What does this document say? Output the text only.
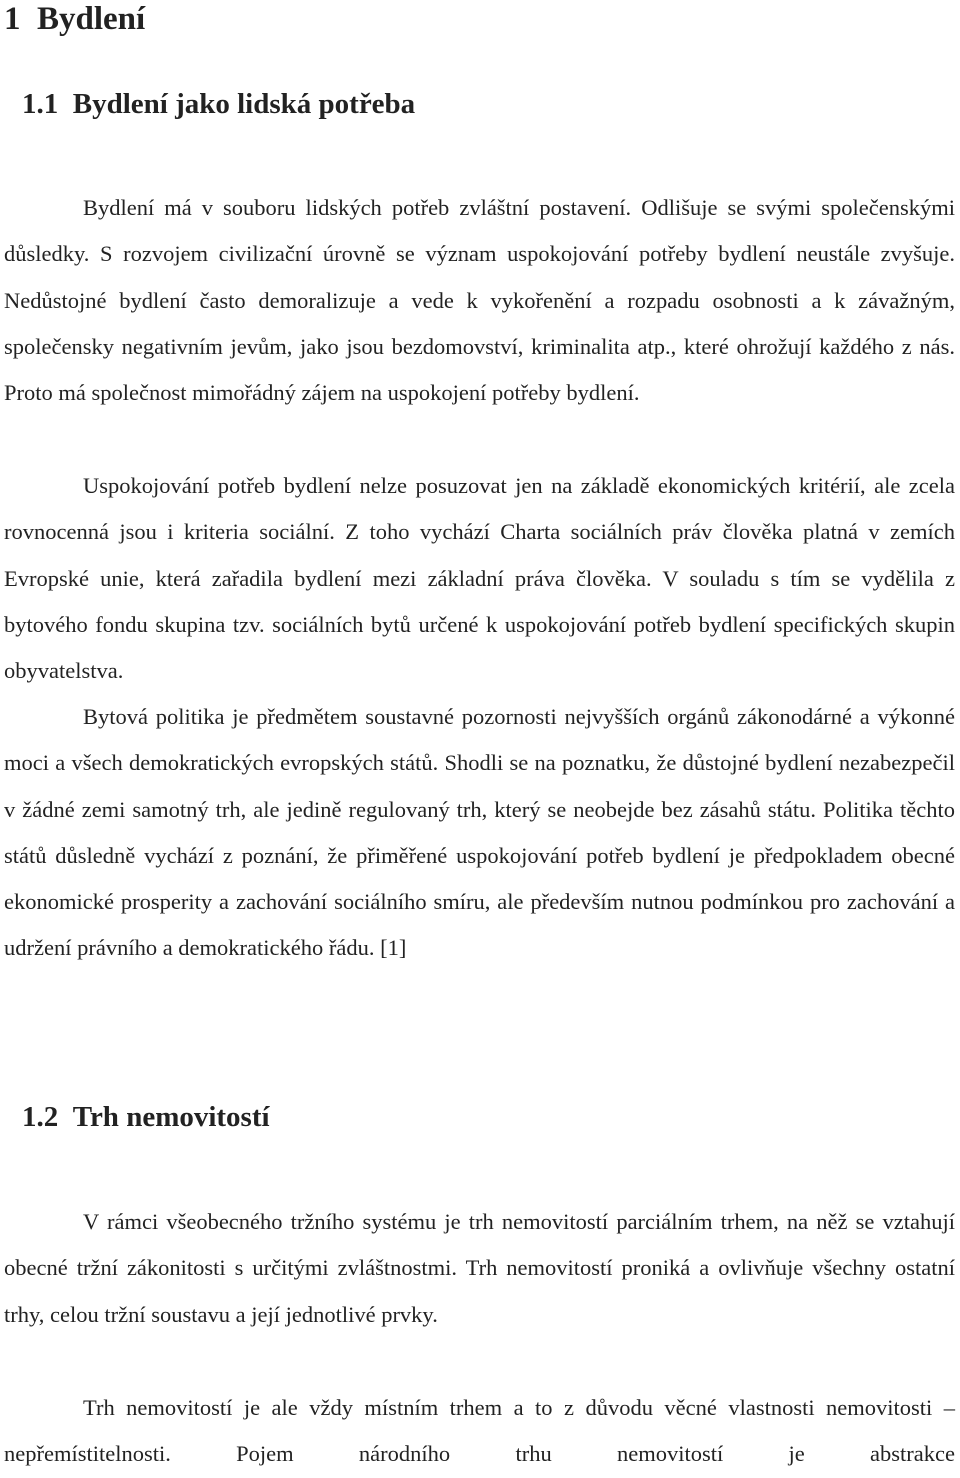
1 Bydlení
1.1 Bydlení jako lidská potřeba

Bydlení má v souboru lidských potřeb zvláštní postavení. Odlišuje se svými společenskými důsledky. S rozvojem civilizační úrovně se význam uspokojování potřeby bydlení neustále zvyšuje. Nedůstojné bydlení často demoralizuje a vede k vykořenění a rozpadu osobnosti a k závažným, společensky negativním jevům, jako jsou bezdomovství, kriminalita atp., které ohrožují každého z nás. Proto má společnost mimořádný zájem na uspokojení potřeby bydlení.

Uspokojování potřeb bydlení nelze posuzovat jen na základě ekonomických kritérií, ale zcela rovnocenná jsou i kriteria sociální. Z toho vychází Charta sociálních práv člověka platná v zemích Evropské unie, která zařadila bydlení mezi základní práva člověka. V souladu s tím se vydělila z bytového fondu skupina tzv. sociálních bytů určené k uspokojování potřeb bydlení specifických skupin obyvatelstva.

Bytová politika je předmětem soustavné pozornosti nejvyšších orgánů zákonodárné a výkonné moci a všech demokratických evropských států. Shodli se na poznatku, že důstojné bydlení nezabezpečil v žádné zemi samotný trh, ale jedině regulovaný trh, který se neobejde bez zásahů státu. Politika těchto států důsledně vychází z poznání, že přiměřené uspokojování potřeb bydlení je předpokladem obecné ekonomické prosperity a zachování sociálního smíru, ale především nutnou podmínkou pro zachování a udržení právního a demokratického řádu. [1]

1.2 Trh nemovitostí

V rámci všeobecného tržního systému je trh nemovitostí parciálním trhem, na něž se vztahují obecné tržní zákonitosti s určitými zvláštnostmi. Trh nemovitostí proniká a ovlivňuje všechny ostatní trhy, celou tržní soustavu a její jednotlivé prvky.

Trh nemovitostí je ale vždy místním trhem a to z důvodu věcné vlastnosti nemovitosti – nepřemístitelnosti. Pojem národního trhu nemovitostí je abstrakce
